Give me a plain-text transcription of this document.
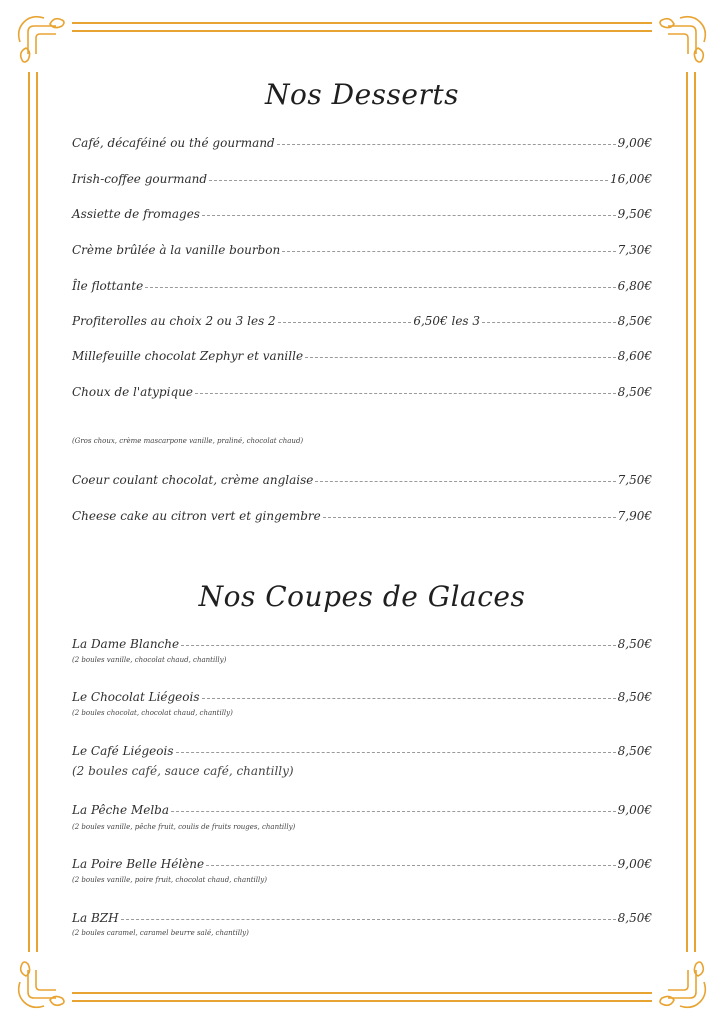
Nos Desserts
Café, décaféiné ou thé gourmand	9,00€
Irish-coffee gourmand	16,00€
Assiette de fromages	9,50€
Crème brûlée à la vanille bourbon	7,30€
Île flottante	6,80€
Profiterolles au choix 2 ou 3 les 2	6,50€ les 3	8,50€
Millefeuille chocolat Zephyr et vanille	8,60€
Choux de l'atypique	8,50€
(Gros choux, crème mascarpone vanille, praliné, chocolat chaud)
Coeur coulant chocolat, crème anglaise	7,50€
Cheese cake au citron vert et gingembre	7,90€
Nos Coupes de Glaces
La Dame Blanche	8,50€
(2 boules vanille, chocolat chaud, chantilly)
Le Chocolat Liégeois	8,50€
(2 boules chocolat, chocolat chaud, chantilly)
Le Café Liégeois	8,50€
(2 boules café, sauce café, chantilly)
La Pêche Melba	9,00€
(2 boules vanille, pêche fruit, coulis de fruits rouges, chantilly)
La Poire Belle Hélène	9,00€
(2 boules vanille, poire fruit, chocolat chaud, chantilly)
La BZH	8,50€
(2 boules caramel, caramel beurre salé, chantilly)
